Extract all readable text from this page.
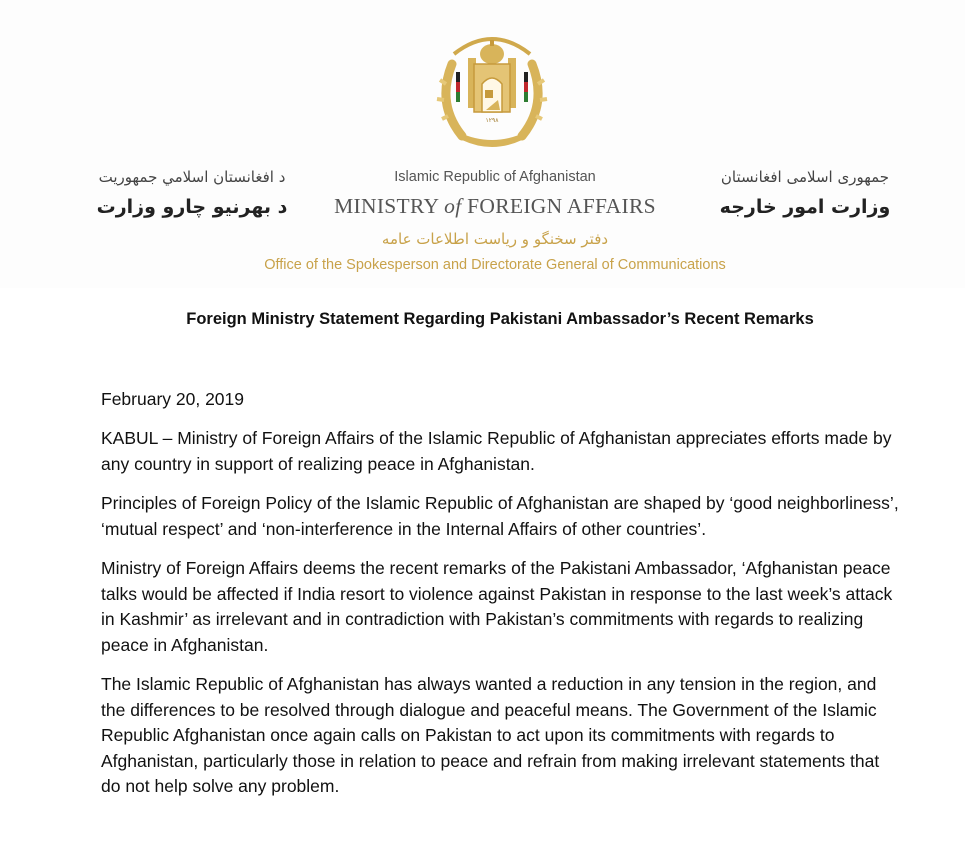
۱۲۹۸
د افغانستان اسلامي جمهوریت
د بهرنیو چارو وزارت
Islamic Republic of Afghanistan
MINISTRY of FOREIGN AFFAIRS
جمهوری اسلامی افغانستان
وزارت امور خارجه
دفتر سخنگو و ریاست اطلاعات عامه
Office of the Spokesperson and Directorate General of Communications
Foreign Ministry Statement Regarding Pakistani Ambassador’s Recent Remarks
February 20, 2019
KABUL – Ministry of Foreign Affairs of the Islamic Republic of Afghanistan appreciates efforts made by any country in support of realizing peace in Afghanistan.
Principles of Foreign Policy of the Islamic Republic of Afghanistan are shaped by ‘good neighborliness’, ‘mutual respect’ and ‘non-interference in the Internal Affairs of other countries’.
Ministry of Foreign Affairs deems the recent remarks of the Pakistani Ambassador, ‘Afghanistan peace talks would be affected if India resort to violence against Pakistan in response to the last week’s attack in Kashmir’ as irrelevant and in contradiction with Pakistan’s commitments with regards to realizing peace in Afghanistan.
The Islamic Republic of Afghanistan has always wanted a reduction in any tension in the region, and the differences to be resolved through dialogue and peaceful means. The Government of the Islamic Republic Afghanistan once again calls on Pakistan to act upon its commitments with regards to Afghanistan, particularly those in relation to peace and refrain from making irrelevant statements that do not help solve any problem.
